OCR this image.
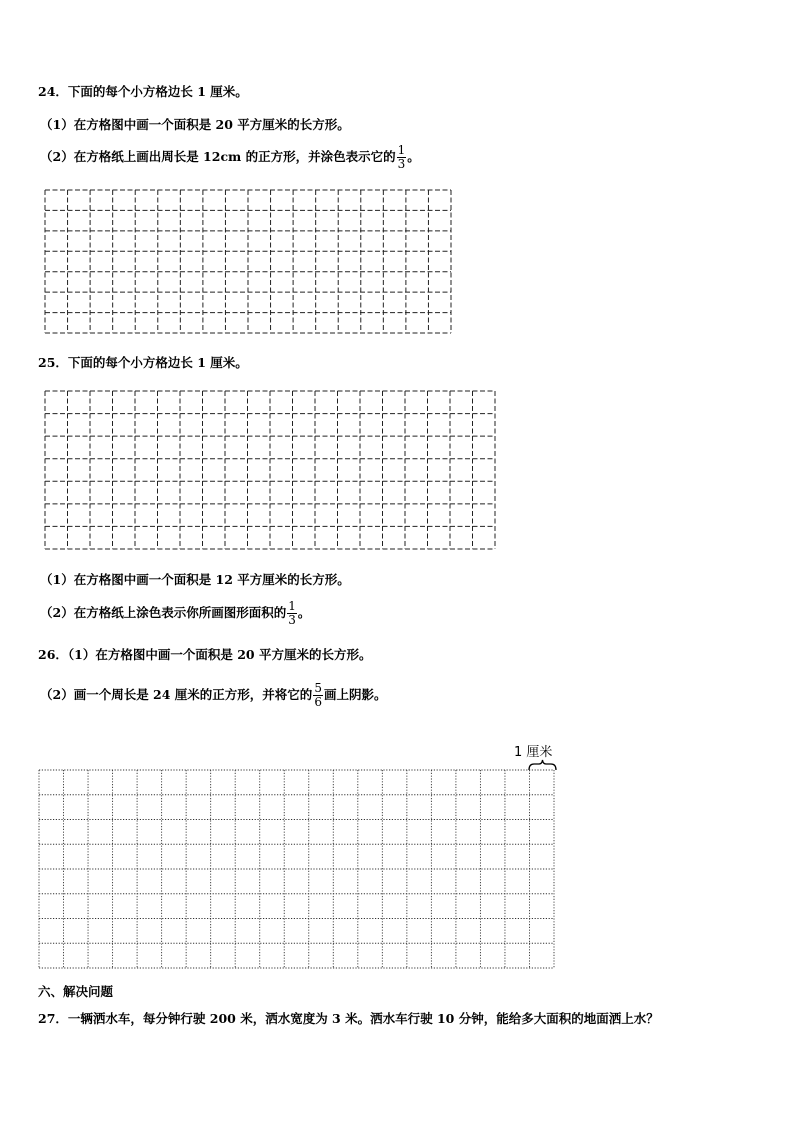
24．下面的每个小方格边长 1 厘米。
（1）在方格图中画一个面积是 20 平方厘米的长方形。
（2）在方格纸上画出周长是 12cm 的正方形，并涂色表示它的 $\frac{1}{3}$ 。
25．下面的每个小方格边长 1 厘米。
（1）在方格图中画一个面积是 12 平方厘米的长方形。
（2）在方格纸上涂色表示你所画图形面积的 $\frac{1}{3}$ 。
26．（1）在方格图中画一个面积是 20 平方厘米的长方形。
（2）画一个周长是 24 厘米的正方形，并将它的 $\frac{5}{6}$ 画上阴影。
1 厘米
六、解决问题
27．一辆洒水车，每分钟行驶 200 米，洒水宽度为 3 米。洒水车行驶 10 分钟，能给多大面积的地面洒上水？
